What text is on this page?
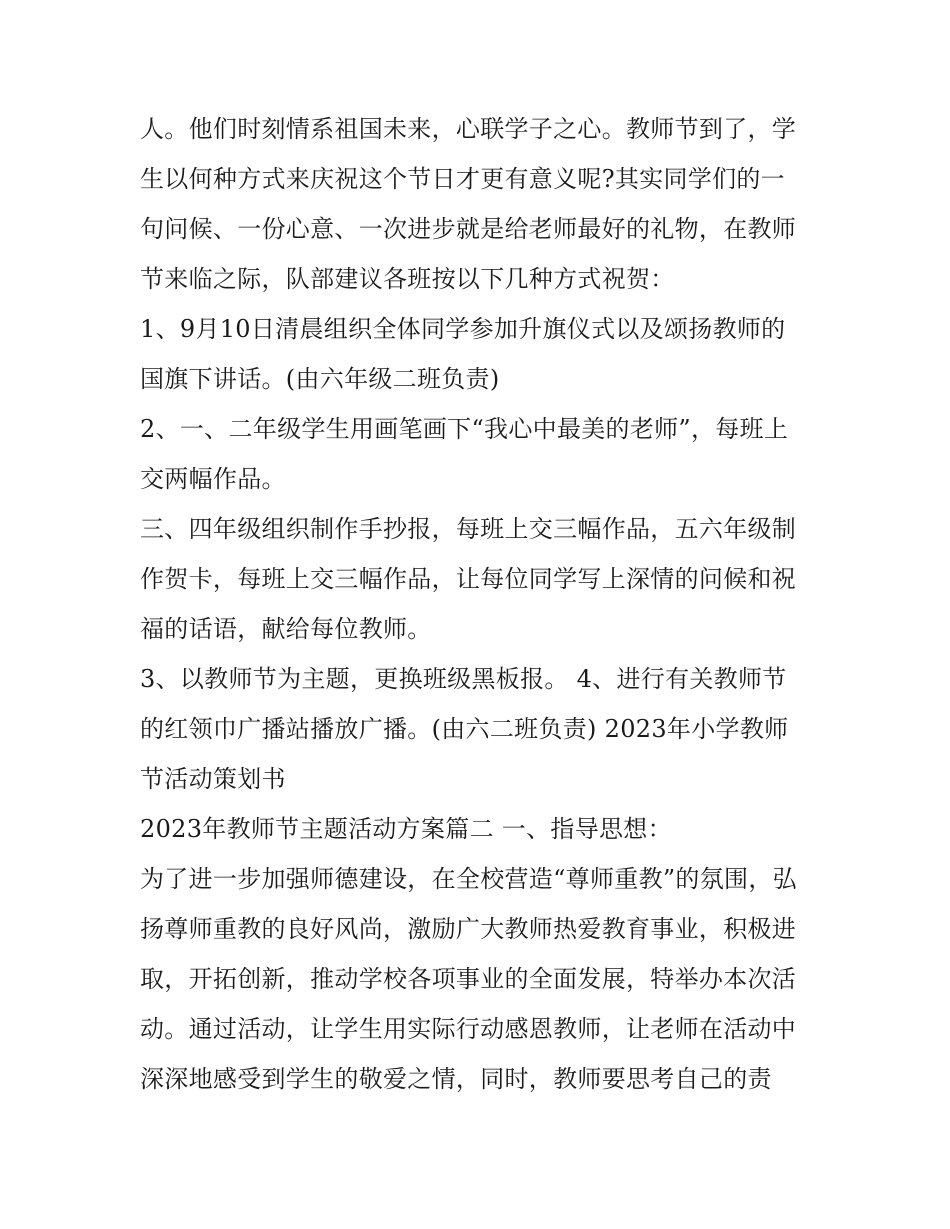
人。他们时刻情系祖国未来，心联学子之心。教师节到了，学
生以何种方式来庆祝这个节日才更有意义呢?其实同学们的一
句问候、一份心意、一次进步就是给老师最好的礼物，在教师
节来临之际，队部建议各班按以下几种方式祝贺：
1、9月10日清晨组织全体同学参加升旗仪式以及颂扬教师的
国旗下讲话。(由六年级二班负责)
2、一、二年级学生用画笔画下“我心中最美的老师”，每班上
交两幅作品。
三、四年级组织制作手抄报，每班上交三幅作品，五六年级制
作贺卡，每班上交三幅作品，让每位同学写上深情的问候和祝
福的话语，献给每位教师。
3、以教师节为主题，更换班级黑板报。 4、进行有关教师节
的红领巾广播站播放广播。(由六二班负责) 2023年小学教师
节活动策划书
2023年教师节主题活动方案篇二 一、指导思想：
为了进一步加强师德建设，在全校营造“尊师重教”的氛围，弘
扬尊师重教的良好风尚，激励广大教师热爱教育事业，积极进
取，开拓创新，推动学校各项事业的全面发展，特举办本次活
动。通过活动，让学生用实际行动感恩教师，让老师在活动中
深深地感受到学生的敬爱之情，同时，教师要思考自己的责
